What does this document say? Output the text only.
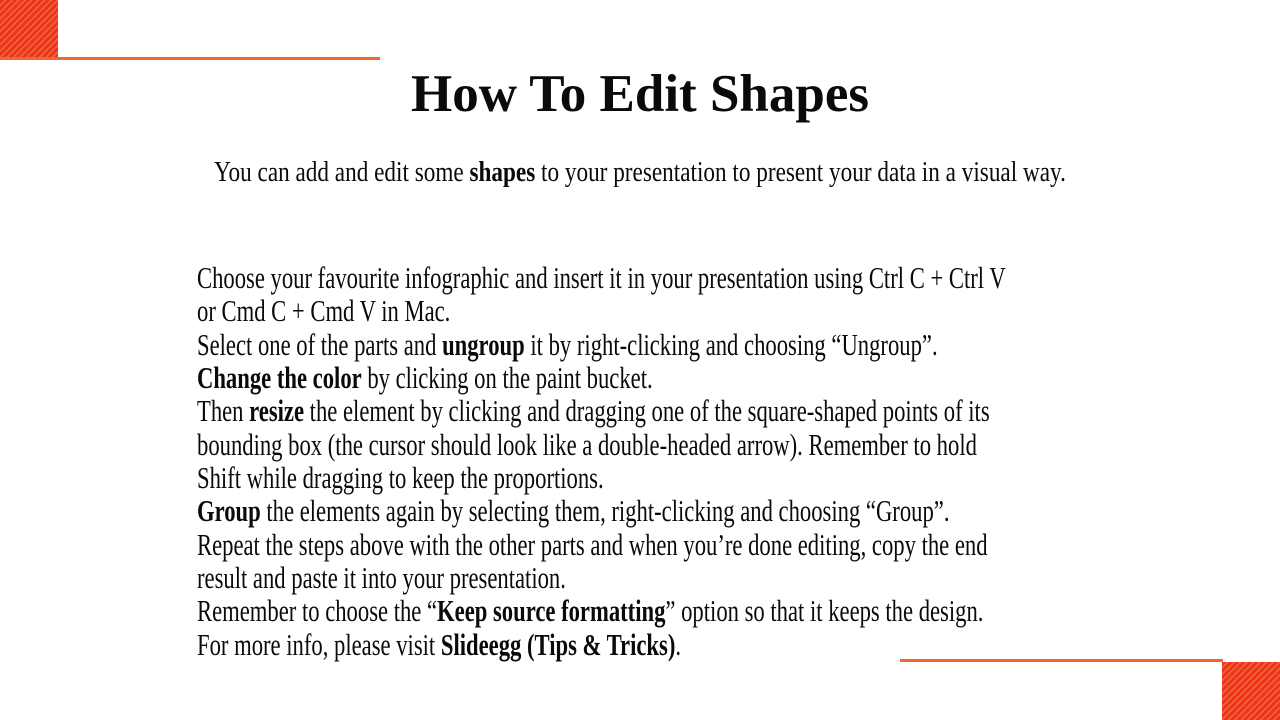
How To Edit Shapes

You can add and edit some shapes to your presentation to present your data in a visual way.

Choose your favourite infographic and insert it in your presentation using Ctrl C + Ctrl V
or Cmd C + Cmd V in Mac.
Select one of the parts and ungroup it by right-clicking and choosing “Ungroup”.
Change the color by clicking on the paint bucket.
Then resize the element by clicking and dragging one of the square-shaped points of its
bounding box (the cursor should look like a double-headed arrow). Remember to hold
Shift while dragging to keep the proportions.
Group the elements again by selecting them, right-clicking and choosing “Group”.
Repeat the steps above with the other parts and when you’re done editing, copy the end
result and paste it into your presentation.
Remember to choose the “Keep source formatting” option so that it keeps the design.
For more info, please visit Slideegg (Tips & Tricks).
